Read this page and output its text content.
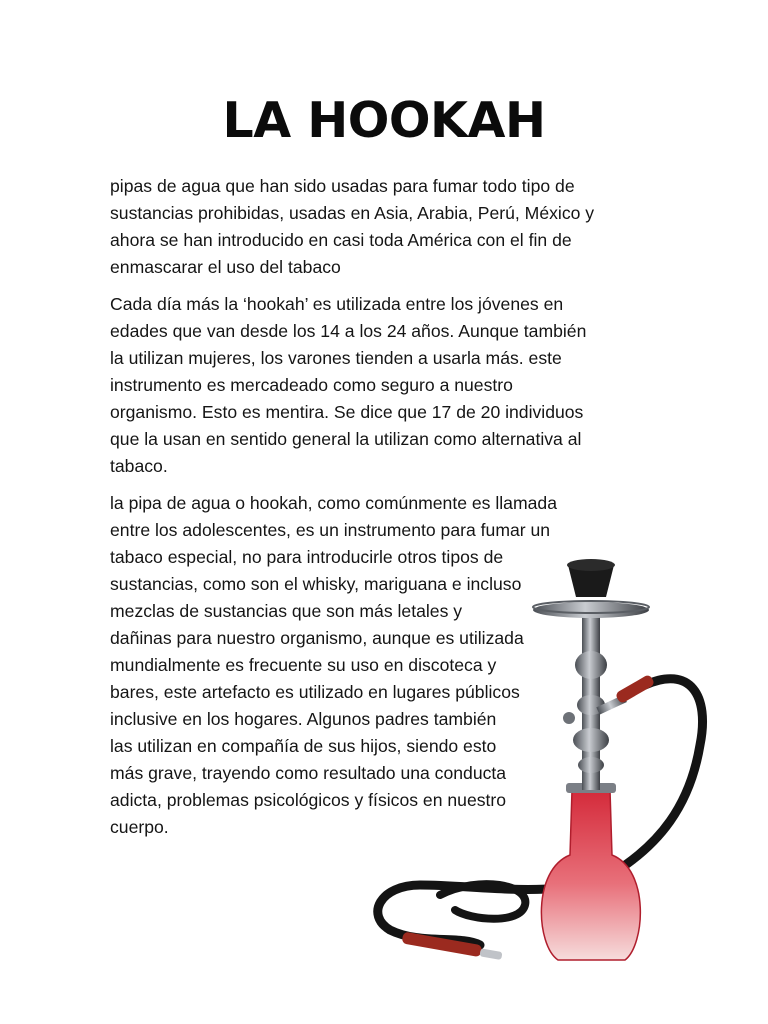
LA HOOKAH

pipas de agua que han sido usadas para fumar todo tipo de
sustancias prohibidas, usadas en Asia, Arabia, Perú, México y
ahora se han introducido en casi toda América con el fin de
enmascarar el uso del tabaco

Cada día más la ‘hookah’ es utilizada entre los jóvenes en
edades que van desde los 14 a los 24 años. Aunque también
la utilizan mujeres, los varones tienden a usarla más. este
instrumento es mercadeado como seguro a nuestro
organismo. Esto es mentira. Se dice que 17 de 20 individuos
que la usan en sentido general la utilizan como alternativa al
tabaco.

la pipa de agua o hookah, como comúnmente es llamada
entre los adolescentes, es un instrumento para fumar un
tabaco especial, no para introducirle otros tipos de
sustancias, como son el whisky, mariguana e incluso
mezclas de sustancias que son más letales y
dañinas para nuestro organismo, aunque es utilizada
mundialmente es frecuente su uso en discoteca y
bares, este artefacto es utilizado en lugares públicos
inclusive en los hogares. Algunos padres también
las utilizan en compañía de sus hijos, siendo esto
más grave, trayendo como resultado una conducta
adicta, problemas psicológicos y físicos en nuestro
cuerpo.
